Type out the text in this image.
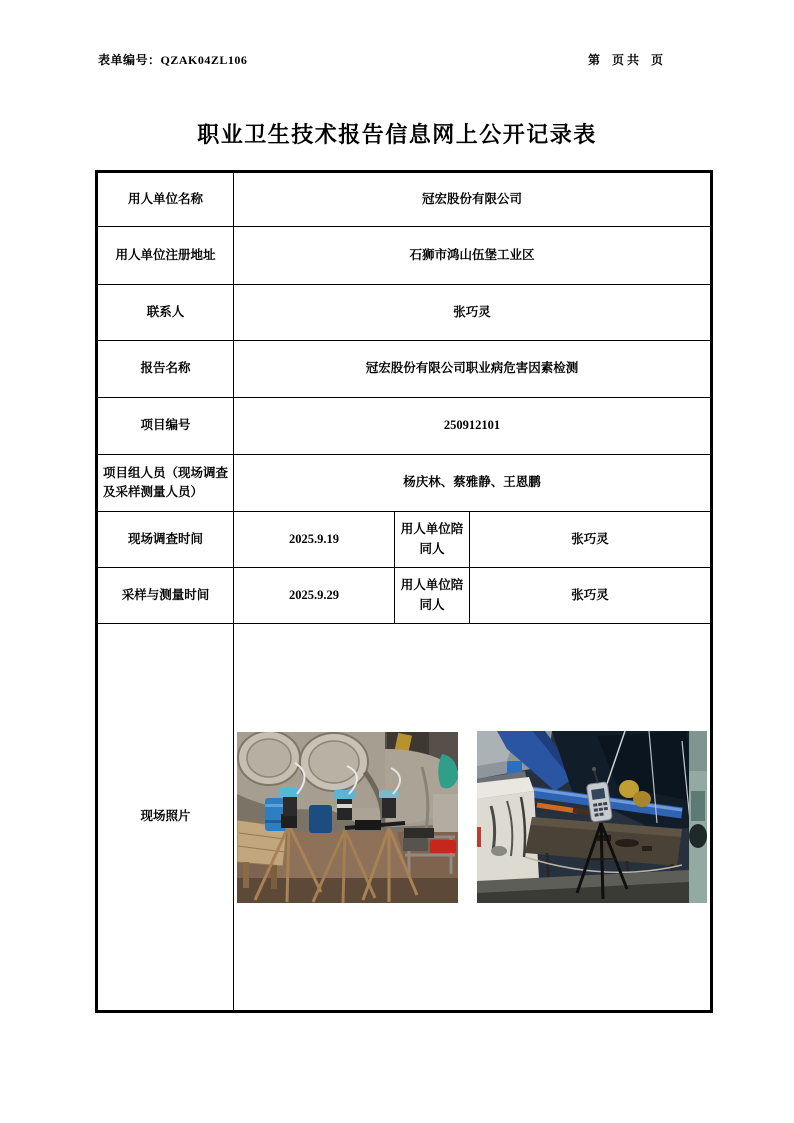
表单编号：QZAK04ZL106	第　页 共　页
职业卫生技术报告信息网上公开记录表
用人单位名称	冠宏股份有限公司		
用人单位注册地址	石狮市鸿山伍堡工业区		
联系人	张巧灵		
报告名称	冠宏股份有限公司职业病危害因素检测		
项目编号	250912101		
项目组人员（现场调查及采样测量人员）	杨庆林、蔡雅静、王恩鹏		
现场调查时间	2025.9.19	用人单位陪同人	张巧灵
采样与测量时间	2025.9.29	用人单位陪同人	张巧灵
现场照片	
